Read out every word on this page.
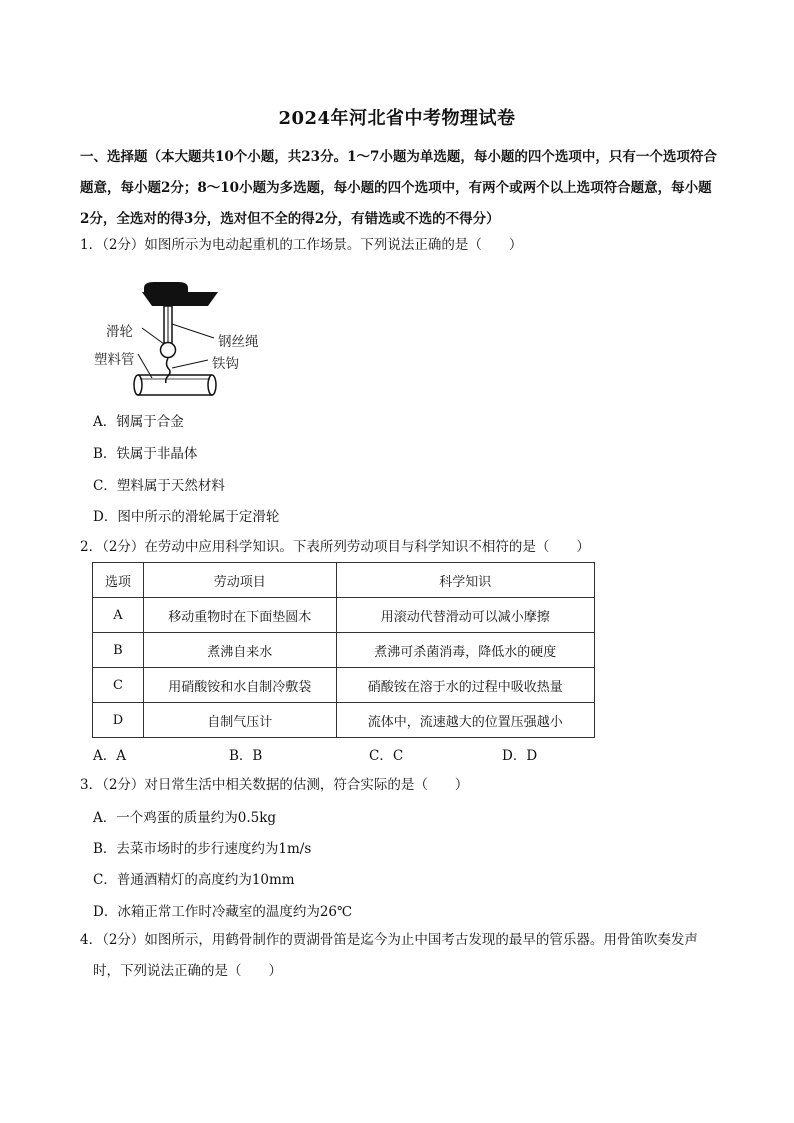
2024年河北省中考物理试卷
一、选择题（本大题共10个小题，共23分。1～7小题为单选题，每小题的四个选项中，只有一个选项符合题意，每小题2分；8～10小题为多选题，每小题的四个选项中，有两个或两个以上选项符合题意，每小题2分，全选对的得3分，选对但不全的得2分，有错选或不选的不得分）
1．（2分）如图所示为电动起重机的工作场景。下列说法正确的是（　　）
滑轮
钢丝绳
塑料管	铁钩
A．钢属于合金
B．铁属于非晶体
C．塑料属于天然材料
D．图中所示的滑轮属于定滑轮
2．（2分）在劳动中应用科学知识。下表所列劳动项目与科学知识不相符的是（　　）
选项	劳动项目	科学知识
A	移动重物时在下面垫圆木	用滚动代替滑动可以减小摩擦
B	煮沸自来水	煮沸可杀菌消毒，降低水的硬度
C	用硝酸铵和水自制冷敷袋	硝酸铵在溶于水的过程中吸收热量
D	自制气压计	流体中，流速越大的位置压强越小
A．A	B．B	C．C	D．D
3．（2分）对日常生活中相关数据的估测，符合实际的是（　　）
A．一个鸡蛋的质量约为0.5kg
B．去菜市场时的步行速度约为1m/s
C．普通酒精灯的高度约为10mm
D．冰箱正常工作时冷藏室的温度约为26℃
4．（2分）如图所示，用鹤骨制作的贾湖骨笛是迄今为止中国考古发现的最早的管乐器。用骨笛吹奏发声
时，下列说法正确的是（　　）
